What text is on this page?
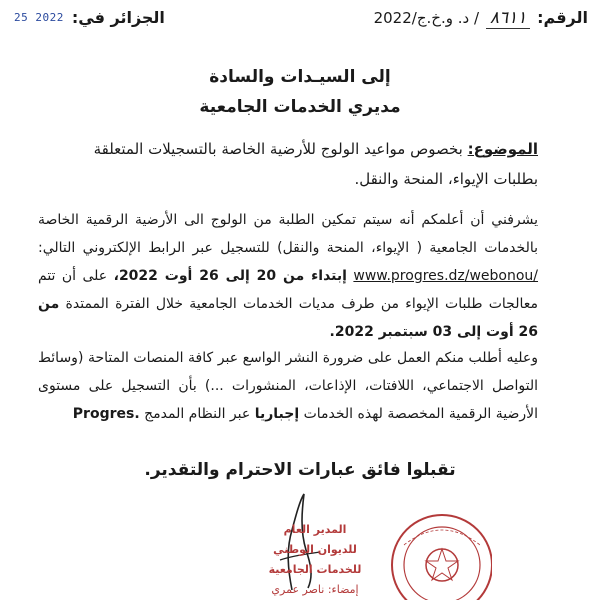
الرقم: ٨٦١١ / د. و.خ.ج/2022
الجزائر في:
25 2022
إلى السيـدات والسادة
مديري الخدمات الجامعية
الموضوع: بخصوص مواعيد الولوج للأرضية الخاصة بالتسجيلات المتعلقة بطلبات الإيواء، المنحة والنقل.
يشرفني أن أعلمكم أنه سيتم تمكين الطلبة من الولوج الى الأرضية الرقمية الخاصة بالخدمات الجامعية ( الإيواء، المنحة والنقل) للتسجيل عبر الرابط الإلكتروني التالي: www.progres.dz/webonou/ إبتداء من 20 إلى 26 أوت 2022، على أن تتم معالجات طلبات الإيواء من طرف مديات الخدمات الجامعية خلال الفترة الممتدة من 26 أوت إلى 03 سبتمبر 2022.
وعليه أطلب منكم العمل على ضرورة النشر الواسع عبر كافة المنصات المتاحة (وسائط التواصل الاجتماعي، اللافتات، الإذاعات، المنشورات ...) بأن التسجيل على مستوى الأرضية الرقمية المخصصة لهذه الخدمات إجباريا عبر النظام المدمج Progres.
تقبلوا فائق عبارات الاحترام والتقدير.
المدير العام
للديوان الوطني للخدمات الجامعية
إمضاء: ناصر عمري
